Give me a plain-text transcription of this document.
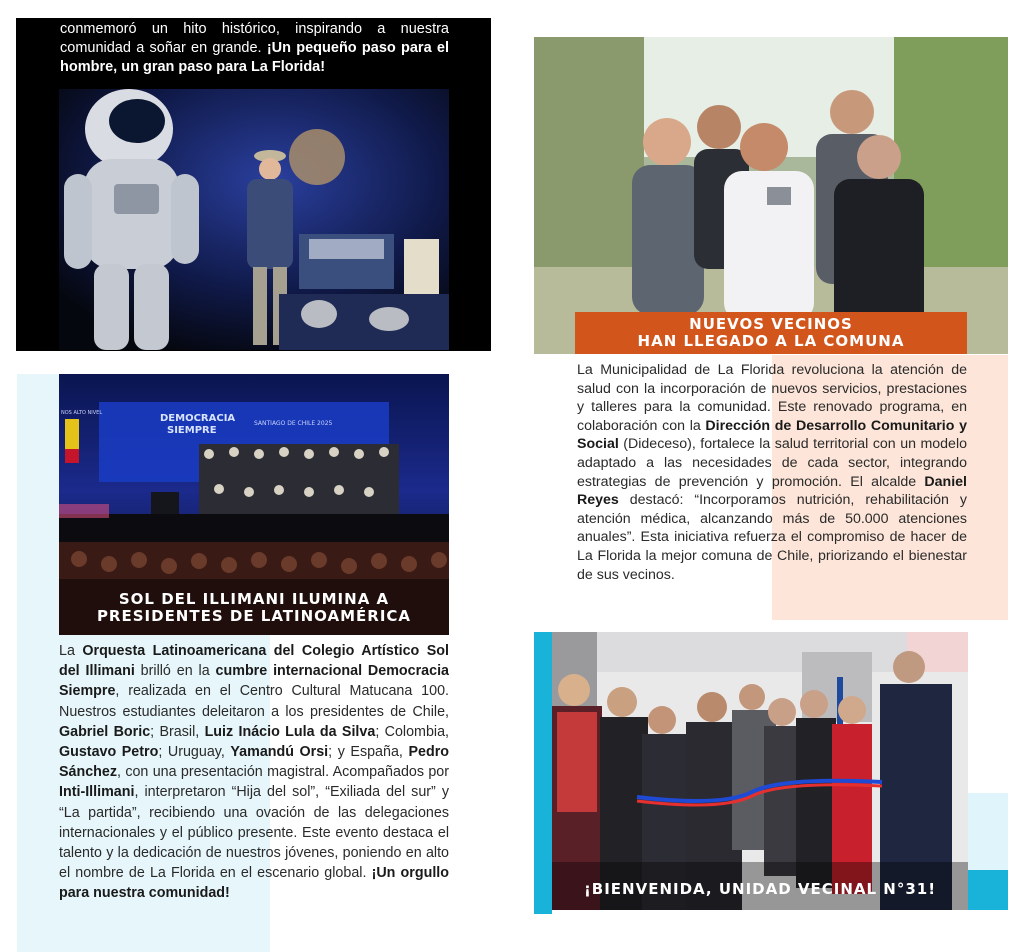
conmemoró un hito histórico, inspirando a nuestra comunidad a soñar en grande. ¡Un pequeño paso para el hombre, un gran paso para La Florida!
NUEVOS VECINOS
HAN LLEGADO A LA COMUNA
La Municipalidad de La Florida revoluciona la atención de salud con la incorporación de nuevos servicios, prestaciones y talleres para la comunidad. Este renovado programa, en colaboración con la Dirección de Desarrollo Comunitario y Social (Dideceso), fortalece la salud territorial con un modelo adaptado a las necesidades de cada sector, integrando estrategias de prevención y promoción. El alcalde Daniel Reyes destacó: “Incorporamos nutrición, rehabilitación y atención médica, alcanzando más de 50.000 atenciones anuales”. Esta iniciativa refuerza el compromiso de hacer de La Florida la mejor comuna de Chile, priorizando el bienestar de sus vecinos.
DEMOCRACIA
SIEMPRE
SANTIAGO DE CHILE 2025
NOS ALTO NIVEL
SOL DEL ILLIMANI ILUMINA A
PRESIDENTES DE LATINOAMÉRICA
La Orquesta Latinoamericana del Colegio Artístico Sol del Illimani brilló en la cumbre internacional Democracia Siempre, realizada en el Centro Cultural Matucana 100. Nuestros estudiantes deleitaron a los presidentes de Chile, Gabriel Boric; Brasil, Luiz Inácio Lula da Silva; Colombia, Gustavo Petro; Uruguay, Yamandú Orsi; y España, Pedro Sánchez, con una presentación magistral. Acompañados por Inti-Illimani, interpretaron “Hija del sol”, “Exiliada del sur” y “La partida”, recibiendo una ovación de las delegaciones internacionales y el público presente. Este evento destaca el talento y la dedicación de nuestros jóvenes, poniendo en alto el nombre de La Florida en el escenario global. ¡Un orgullo para nuestra comunidad!	¡BIENVENIDA, UNIDAD VECINAL N°31!
